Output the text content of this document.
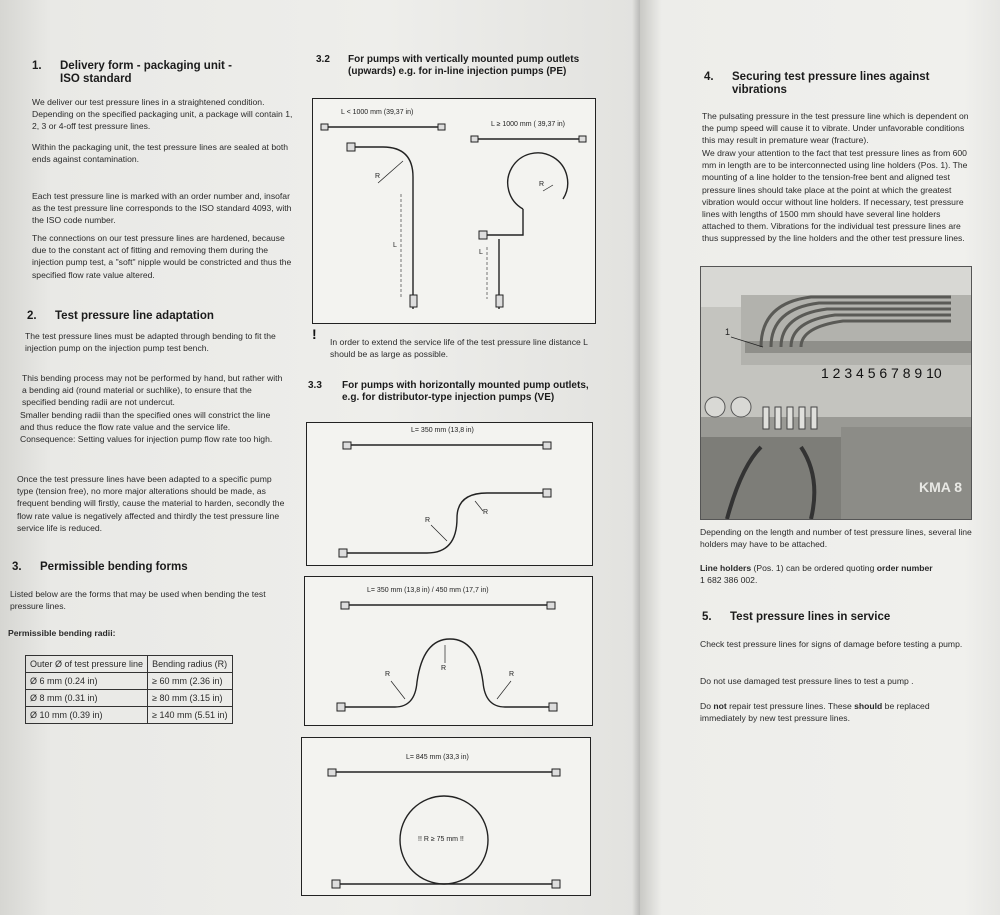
1. Delivery form - packaging unit -
ISO standard
We deliver our test pressure lines in a straightened condition. Depending on the specified packaging unit, a package will contain 1, 2, 3 or 4-off test pressure lines.
Within the packaging unit, the test pressure lines are sealed at both ends against contamination.
Each test pressure line is marked with an order number and, insofar as the test pressure line corresponds to the ISO standard 4093, with the ISO code number.
The connections on our test pressure lines are hardened, because due to the constant act of fitting and removing them during the injection pump test, a "soft" nipple would be constricted and thus the specified flow rate value altered.
2. Test pressure line adaptation
The test pressure lines must be adapted through bending to fit the injection pump on the injection pump test bench.
This bending process may not be performed by hand, but rather with a bending aid (round material or suchlike), to ensure that the specified bending radii are not undercut.
Smaller bending radii than the specified ones will constrict the line and thus reduce the flow rate value and the service life.
Consequence: Setting values for injection pump flow rate too high.
Once the test pressure lines have been adapted to a specific pump type (tension free), no more major alterations should be made, as frequent bending will firstly, cause the material to harden, secondly the flow rate value is negatively affected and thirdly the test pressure line service life is reduced.
3. Permissible bending forms
Listed below are the forms that may be used when bending the test pressure lines.
Permissible bending radii:
Outer Ø of test pressure line	Bending radius (R)
Ø 6 mm (0.24 in)	≥ 60 mm (2.36 in)
Ø 8 mm (0.31 in)	≥ 80 mm (3.15 in)
Ø 10 mm (0.39 in)	≥ 140 mm (5.51 in)
3.2 For pumps with vertically mounted pump outlets
(upwards) e.g. for in-line injection pumps (PE)
L < 1000 mm (39,37 in)
L ≥ 1000 mm ( 39,37 in)
R
R
L
L
! In order to extend the service life of the test pressure line distance L should be as large as possible.
3.3 For pumps with horizontally mounted pump outlets,
e.g. for distributor-type injection pumps (VE)
L= 350 mm (13,8 in)
R
R
L= 350 mm (13,8 in) / 450 mm (17,7 in)
R
R
R
L= 845 mm (33,3 in)
!! R ≥ 75 mm !!
4. Securing test pressure lines against
vibrations
The pulsating pressure in the test pressure line which is dependent on the pump speed will cause it to vibrate. Under unfavorable conditions this may result in premature wear (fracture).
We draw your attention to the fact that test pressure lines as from 600 mm in length are to be interconnected using line holders (Pos. 1). The mounting of a line holder to the tension-free bent and aligned test pressure lines should take place at the point at which the greatest vibration would occur without line holders. If necessary, test pressure lines with lengths of 1500 mm should have several line holders attached to them. Vibrations for the individual test pressure lines are thus suppressed by the line holders and the other test pressure lines.
1
1 2 3 4 5 6 7 8 9 10
KMA 8
Depending on the length and number of test pressure lines, several line holders may have to be attached.
Line holders (Pos. 1) can be ordered quoting order number
1 682 386 002.
5. Test pressure lines in service
Check test pressure lines for signs of damage before testing a pump.
Do not use damaged test pressure lines to test a pump .
Do not repair test pressure lines. These should be replaced immediately by new test pressure lines.
